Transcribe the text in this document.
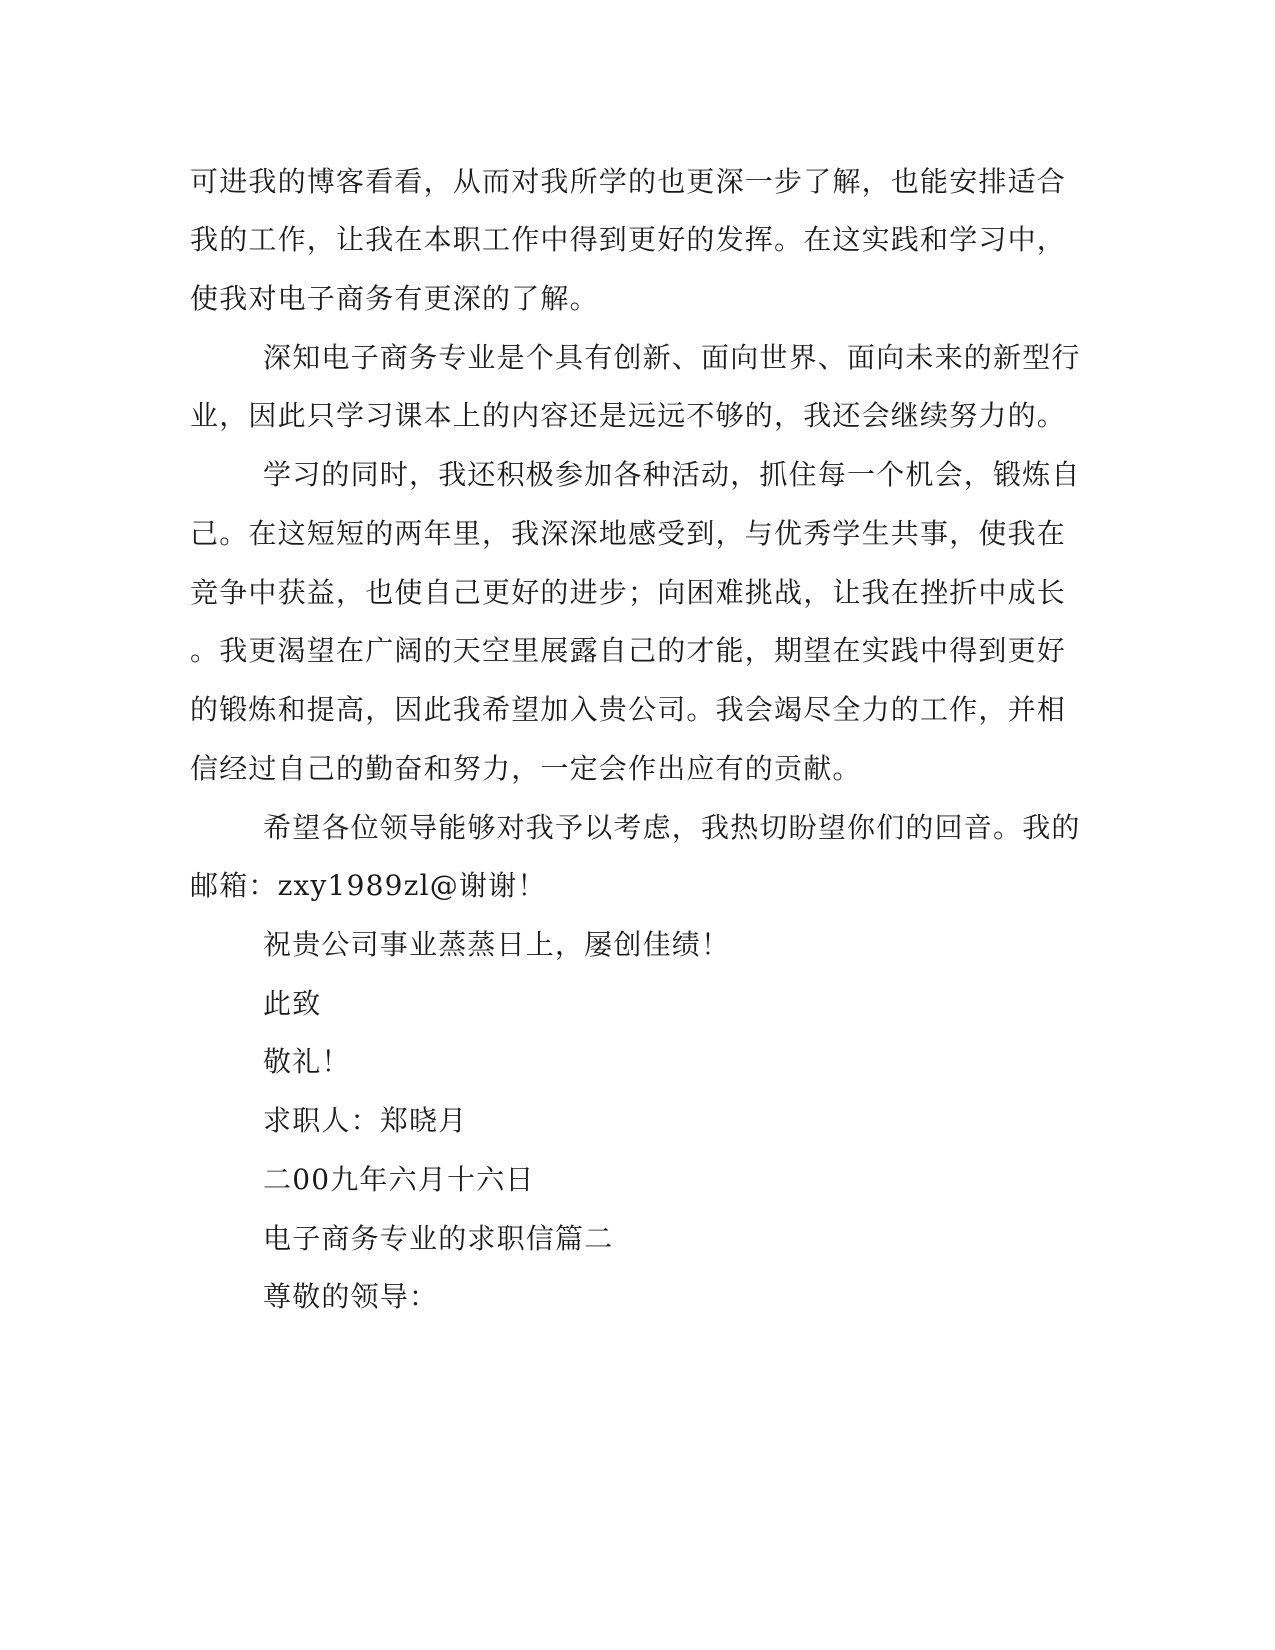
可进我的博客看看，从而对我所学的也更深一步了解，也能安排适合
我的工作，让我在本职工作中得到更好的发挥。在这实践和学习中，
使我对电子商务有更深的了解。
深知电子商务专业是个具有创新、面向世界、面向未来的新型行
业，因此只学习课本上的内容还是远远不够的，我还会继续努力的。
学习的同时，我还积极参加各种活动，抓住每一个机会，锻炼自
己。在这短短的两年里，我深深地感受到，与优秀学生共事，使我在
竞争中获益，也使自己更好的进步；向困难挑战，让我在挫折中成长
。我更渴望在广阔的天空里展露自己的才能，期望在实践中得到更好
的锻炼和提高，因此我希望加入贵公司。我会竭尽全力的工作，并相
信经过自己的勤奋和努力，一定会作出应有的贡献。
希望各位领导能够对我予以考虑，我热切盼望你们的回音。我的
邮箱：zxy1989zl@谢谢！
祝贵公司事业蒸蒸日上，屡创佳绩！
此致
敬礼！
求职人：郑晓月
二00九年六月十六日
电子商务专业的求职信篇二
尊敬的领导：
